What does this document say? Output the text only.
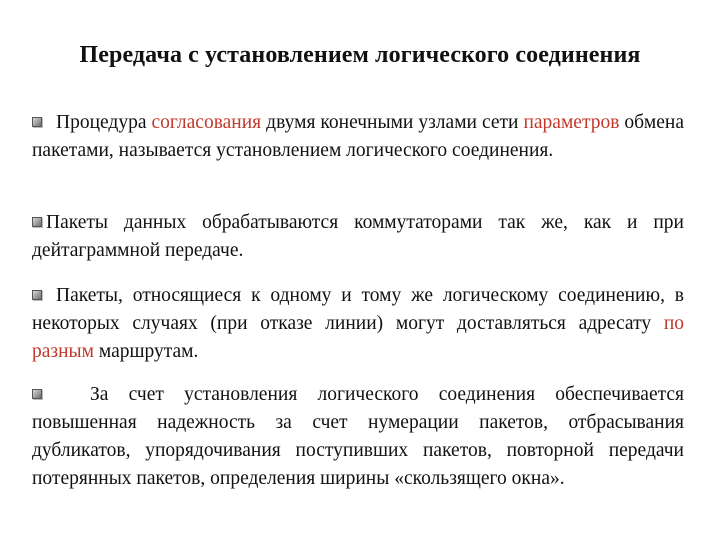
Передача с установлением логического соединения
Процедура согласования двумя конечными узлами сети параметров обмена пакетами, называется установлением логического соединения.
Пакеты данных обрабатываются коммутаторами так же, как и при дейтаграммной передаче.
Пакеты, относящиеся к одному и тому же логическому соединению, в некоторых случаях (при отказе линии) могут доставляться адресату по разным маршрутам.
За счет установления логического соединения обеспечивается повышенная надежность за счет нумерации пакетов, отбрасывания дубликатов, упорядочивания поступивших пакетов, повторной передачи потерянных пакетов, определения ширины «скользящего окна».
